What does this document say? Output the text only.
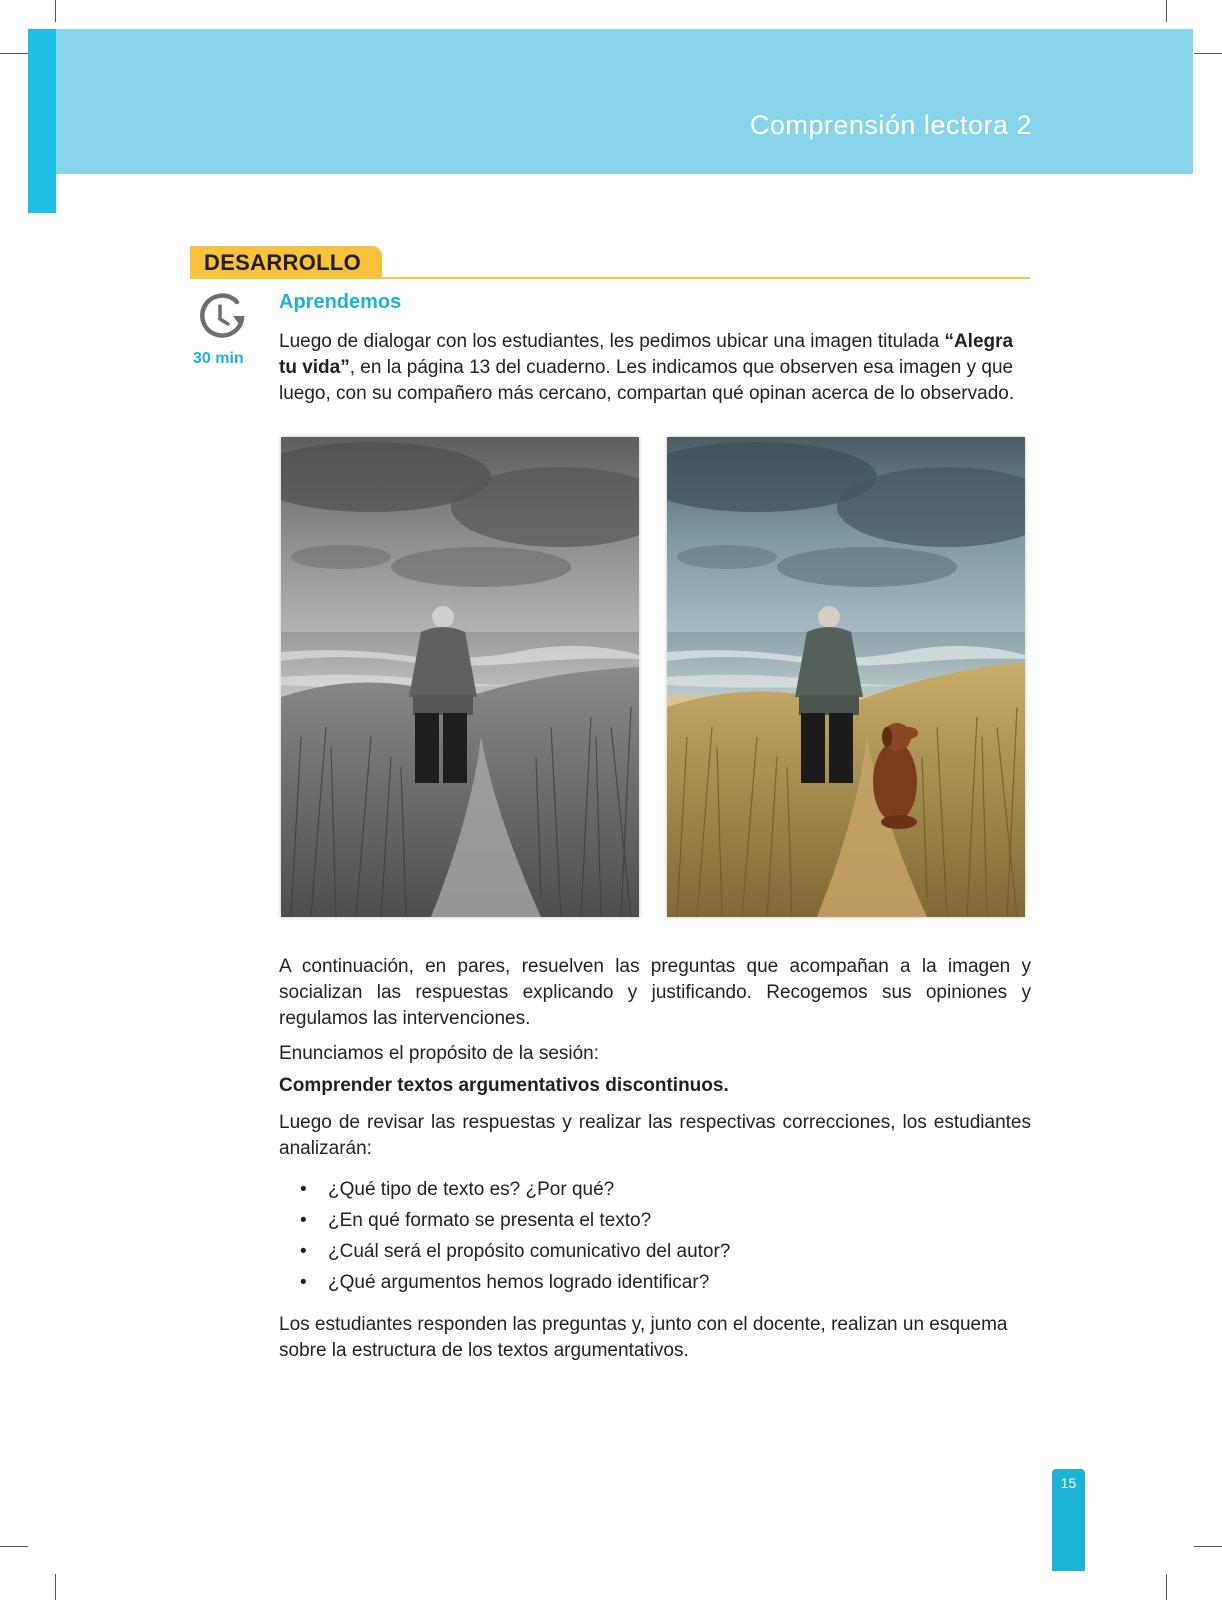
Comprensión lectora 2
DESARROLLO
30 min
Aprendemos

Luego de dialogar con los estudiantes, les pedimos ubicar una imagen titulada “Alegra tu vida”, en la página 13 del cuaderno. Les indicamos que observen esa imagen y que luego, con su compañero más cercano, compartan qué opinan acerca de lo observado.

A continuación, en pares, resuelven las preguntas que acompañan a la imagen y socializan las respuestas explicando y justificando. Recogemos sus opiniones y regulamos las intervenciones.

Enunciamos el propósito de la sesión:

Comprender textos argumentativos discontinuos.

Luego de revisar las respuestas y realizar las respectivas correcciones, los estudiantes analizarán:

• ¿Qué tipo de texto es? ¿Por qué?
• ¿En qué formato se presenta el texto?
• ¿Cuál será el propósito comunicativo del autor?
• ¿Qué argumentos hemos logrado identificar?

Los estudiantes responden las preguntas y, junto con el docente, realizan un esquema sobre la estructura de los textos argumentativos.

15
